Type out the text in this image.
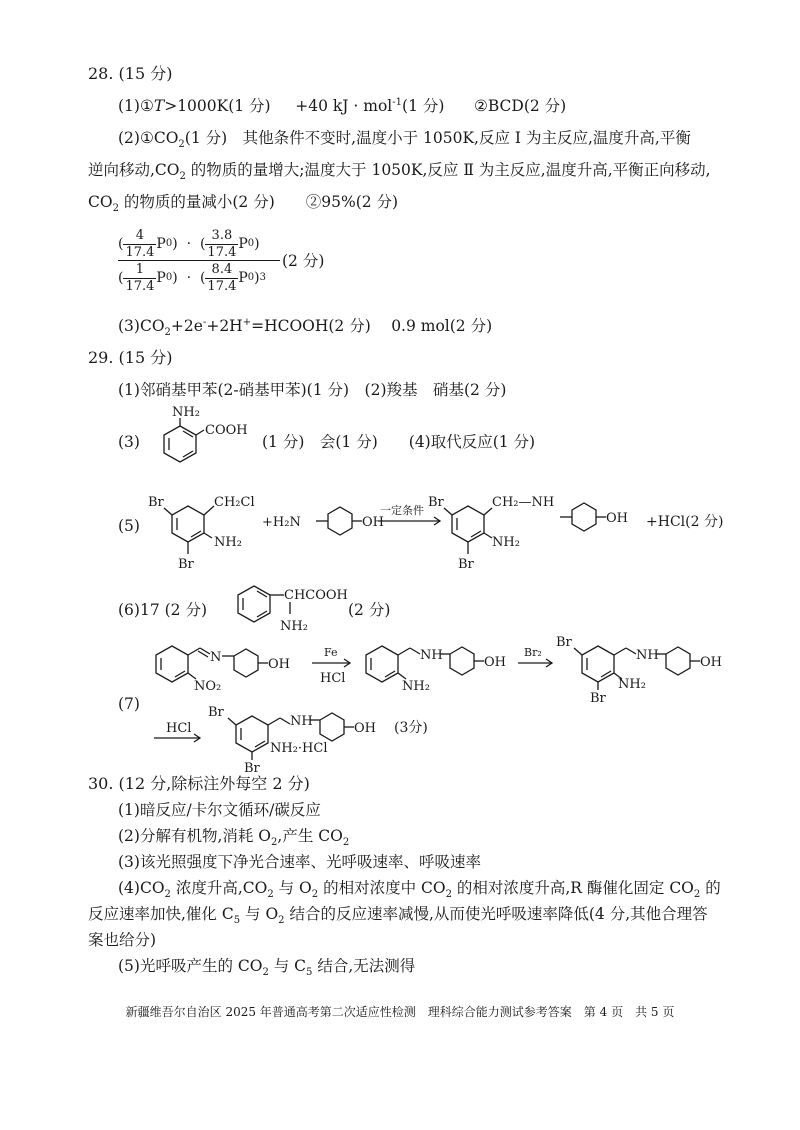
28. (15 分)
(1)①T>1000K(1 分) +40 kJ · mol$^{-1}$(1 分) ②BCD(2 分)
$(2)①CO_2(1$ 分)　其他条件不变时,温度小于 1050K,反应 Ⅰ 为主反应,温度升高,平衡
逆向移动$,CO_2$ 的物质的量增大;温度大于 1050K,反应 Ⅱ 为主反应,温度升高,平衡正向移动,
$CO_2$ 的物质的量减小(2 分)　　②95%(2 分)
( $\frac{4}{17.4}$ P 0 ) · ( $\frac{3.8}{17.4}$ P 0 )
( $\frac{1}{17.4}$ P 0 ) · ( $\frac{8.4}{17.4}$ P 0 ) 3
(2 分)
$(3)CO_2+2e^-+2H^+=HCOOH(2$ 分)　 0.9 mol(2 分)
29. (15 分)
(1)邻硝基甲苯(2-硝基甲苯)(1 分)　(2)羧基　硝基(2 分)
(3)
NH₂
COOH
(1 分)　会(1 分)　　(4)取代反应(1 分)
(5)
Br	CH₂Cl
NH₂
Br
+H₂N	OH
一定条件
Br	CH₂—NH
NH₂
Br
OH +HCl(2 分)
(6)17 (2 分)
CHCOOH
NH₂
(2 分)
N
NO₂
OH
Fe
HCl
NH
NH₂
OH
Br₂
Br
NH
NH₂
Br
OH
(7)
HCl
Br
NH
NH₂·HCl
Br
OH (3分)
30. (12 分,除标注外每空 2 分)
(1)暗反应/卡尔文循环/碳反应
(2)分解有机物,消耗 $O_2$,产生 $CO_2$
(3)该光照强度下净光合速率、光呼吸速率、呼吸速率
$(4)CO_2$ 浓度升高$,CO_2$ 与 $O_2$ 的相对浓度中 $CO_2$ 的相对浓度升高,R 酶催化固定 $CO_2$ 的
反应速率加快,催化 $C_5$ 与 $O_2$ 结合的反应速率减慢,从而使光呼吸速率降低(4 分,其他合理答
案也给分)
(5)光呼吸产生的 $CO_2$ 与 $C_5$ 结合,无法测得
新疆维吾尔自治区 2025 年普通高考第二次适应性检测　理科综合能力测试参考答案　第 4 页　共 5 页
